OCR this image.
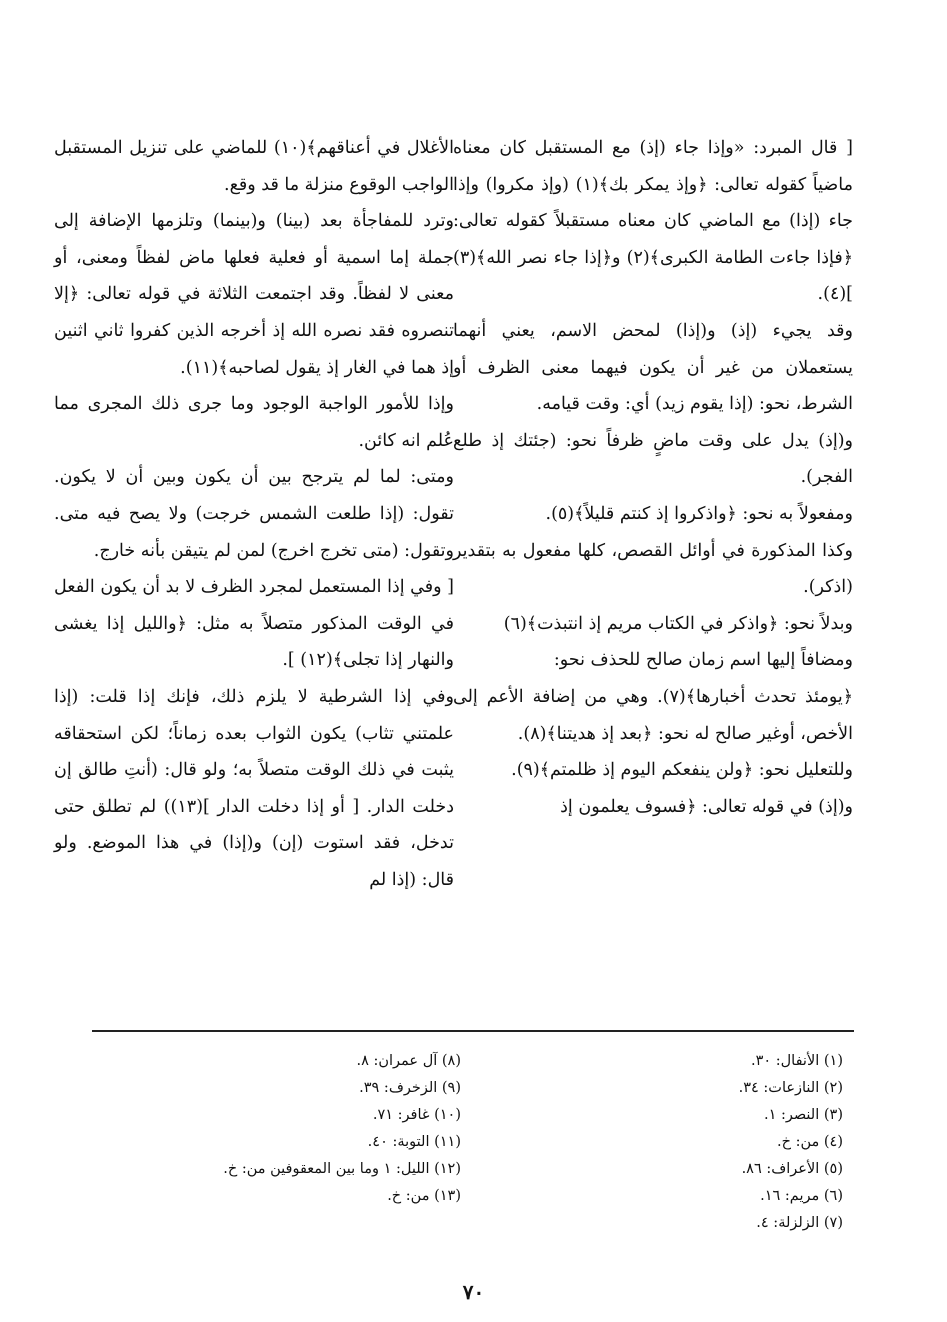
[ قال المبرد: «وإذا جاء (إذ) مع المستقبل كان معناه ماضياً كقوله تعالى: ﴿وإذ يمكر بك﴾(١) (وإذ مكروا) وإذا جاء (إذا) مع الماضي كان معناه مستقبلاً كقوله تعالى: ﴿فإذا جاءت الطامة الكبرى﴾(٢) و﴿إذا جاء نصر الله﴾(٣) ](٤).

وقد يجيء (إذ) و(إذا) لمحض الاسم، يعني أنهما يستعملان من غير أن يكون فيهما معنى الظرف أو الشرط، نحو: (إذا يقوم زيد) أي: وقت قيامه.

و(إذ) يدل على وقت ماضٍ ظرفاً نحو: (جئتك إذ طلع الفجر).

ومفعولاً به نحو: ﴿واذكروا إذ كنتم قليلاً﴾(٥).

وكذا المذكورة في أوائل القصص، كلها مفعول به بتقدير (اذكر).

وبدلاً نحو: ﴿واذكر في الكتاب مريم إذ انتبذت﴾(٦)

ومضافاً إليها اسم زمان صالح للحذف نحو:

﴿يومئذ تحدث أخبارها﴾(٧). وهي من إضافة الأعم إلى الأخص، أوغير صالح له نحو: ﴿بعد إذ هديتنا﴾(٨).

وللتعليل نحو: ﴿ولن ينفعكم اليوم إذ ظلمتم﴾(٩).

و(إذ) في قوله تعالى: ﴿فسوف يعلمون إذ

الأغلال في أعناقهم﴾(١٠) للماضي على تنزيل المستقبل الواجب الوقوع منزلة ما قد وقع.

وترد للمفاجأة بعد (بينا) و(بينما) وتلزمها الإضافة إلى جملة إما اسمية أو فعلية فعلها ماض لفظاً ومعنى، أو معنى لا لفظاً. وقد اجتمعت الثلاثة في قوله تعالى: ﴿إلا تنصروه فقد نصره الله إذ أخرجه الذين كفروا ثاني اثنين إذ هما في الغار إذ يقول لصاحبه﴾(١١).

وإذا للأمور الواجبة الوجود وما جرى ذلك المجرى مما عُلم انه كائن.

ومتى: لما لم يترجح بين أن يكون وبين أن لا يكون. تقول: (إذا طلعت الشمس خرجت) ولا يصح فيه متى. وتقول: (متى تخرج اخرج) لمن لم يتيقن بأنه خارج.

[ وفي إذا المستعمل لمجرد الظرف لا بد أن يكون الفعل في الوقت المذكور متصلاً به مثل: ﴿والليل إذا يغشى والنهار إذا تجلى﴾(١٢) ].

وفي إذا الشرطية لا يلزم ذلك، فإنك إذا قلت: (إذا علمتني تثاب) يكون الثواب بعده زماناً؛ لكن استحقاقه يثبت في ذلك الوقت متصلاً به؛ ولو قال: (أنتِ طالق إن دخلت الدار. [ أو إذا دخلت الدار ](١٣)) لم تطلق حتى تدخل، فقد استوت (إن) و(إذا) في هذا الموضع. ولو قال: (إذا لم

(١) الأنفال: ٣٠.
(٢) النازعات: ٣٤.
(٣) النصر: ١.
(٤) من: خ.
(٥) الأعراف: ٨٦.
(٦) مريم: ١٦.
(٧) الزلزلة: ٤.
(٨) آل عمران: ٨.
(٩) الزخرف: ٣٩.
(١٠) غافر: ٧١.
(١١) التوبة: ٤٠.
(١٢) الليل: ١ وما بين المعقوفين من: خ.
(١٣) من: خ.
٧٠
